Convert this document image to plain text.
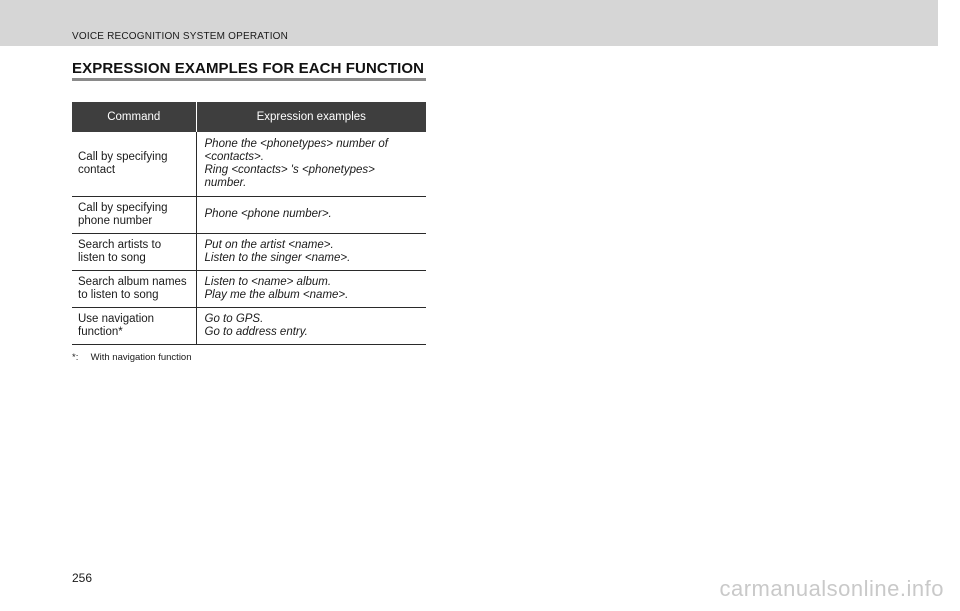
VOICE RECOGNITION SYSTEM OPERATION
EXPRESSION EXAMPLES FOR EACH FUNCTION
Command	Expression examples

Call by specifying
contact	Phone the <phonetypes> number of
<contacts>.
Ring <contacts> 's <phonetypes>
number.

Call by specifying
phone number	Phone <phone number>.

Search artists to
listen to song	Put on the artist <name>.
Listen to the singer <name>.

Search album names
to listen to song	Listen to <name> album.
Play me the album <name>.

Use navigation
function*	Go to GPS.
Go to address entry.
*: With navigation function
256	carmanualsonline.info
